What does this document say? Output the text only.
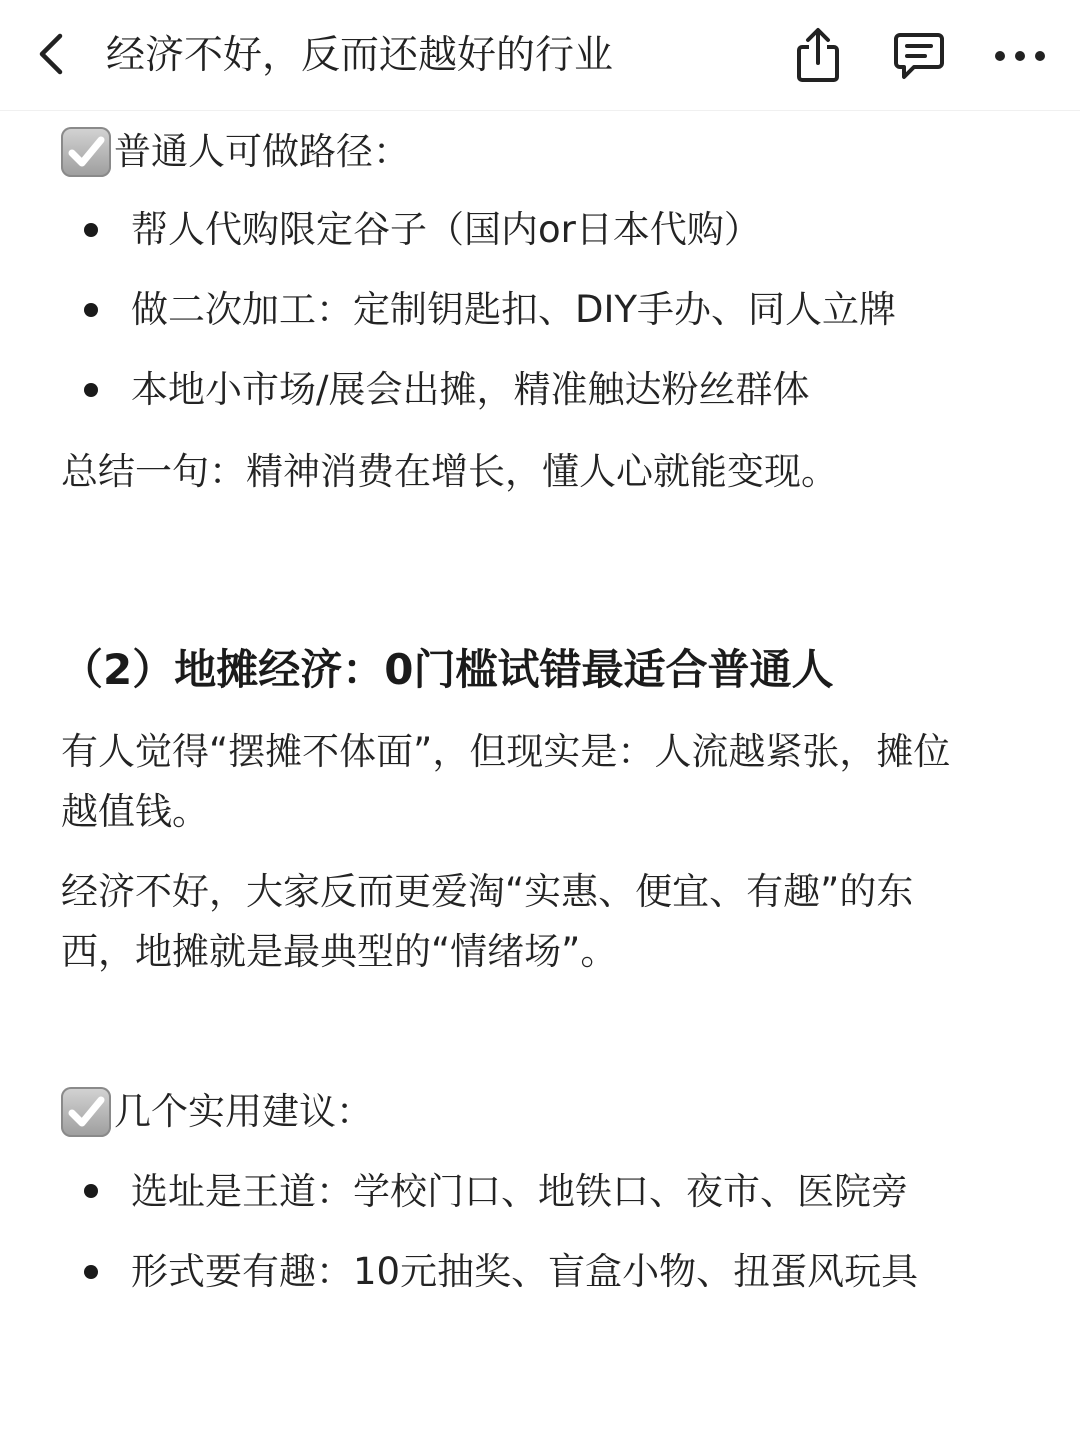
经济不好，反而还越好的行业
普通人可做路径：
帮人代购限定谷子（国内or日本代购）
做二次加工：定制钥匙扣、DIY手办、同人立牌
本地小市场/展会出摊，精准触达粉丝群体
总结一句：精神消费在增长，懂人心就能变现。
（2）地摊经济：0门槛试错最适合普通人
有人觉得“摆摊不体面”，但现实是：人流越紧张，摊位
越值钱。
经济不好，大家反而更爱淘“实惠、便宜、有趣”的东
西，地摊就是最典型的“情绪场”。
几个实用建议：
选址是王道：学校门口、地铁口、夜市、医院旁
形式要有趣：10元抽奖、盲盒小物、扭蛋风玩具
